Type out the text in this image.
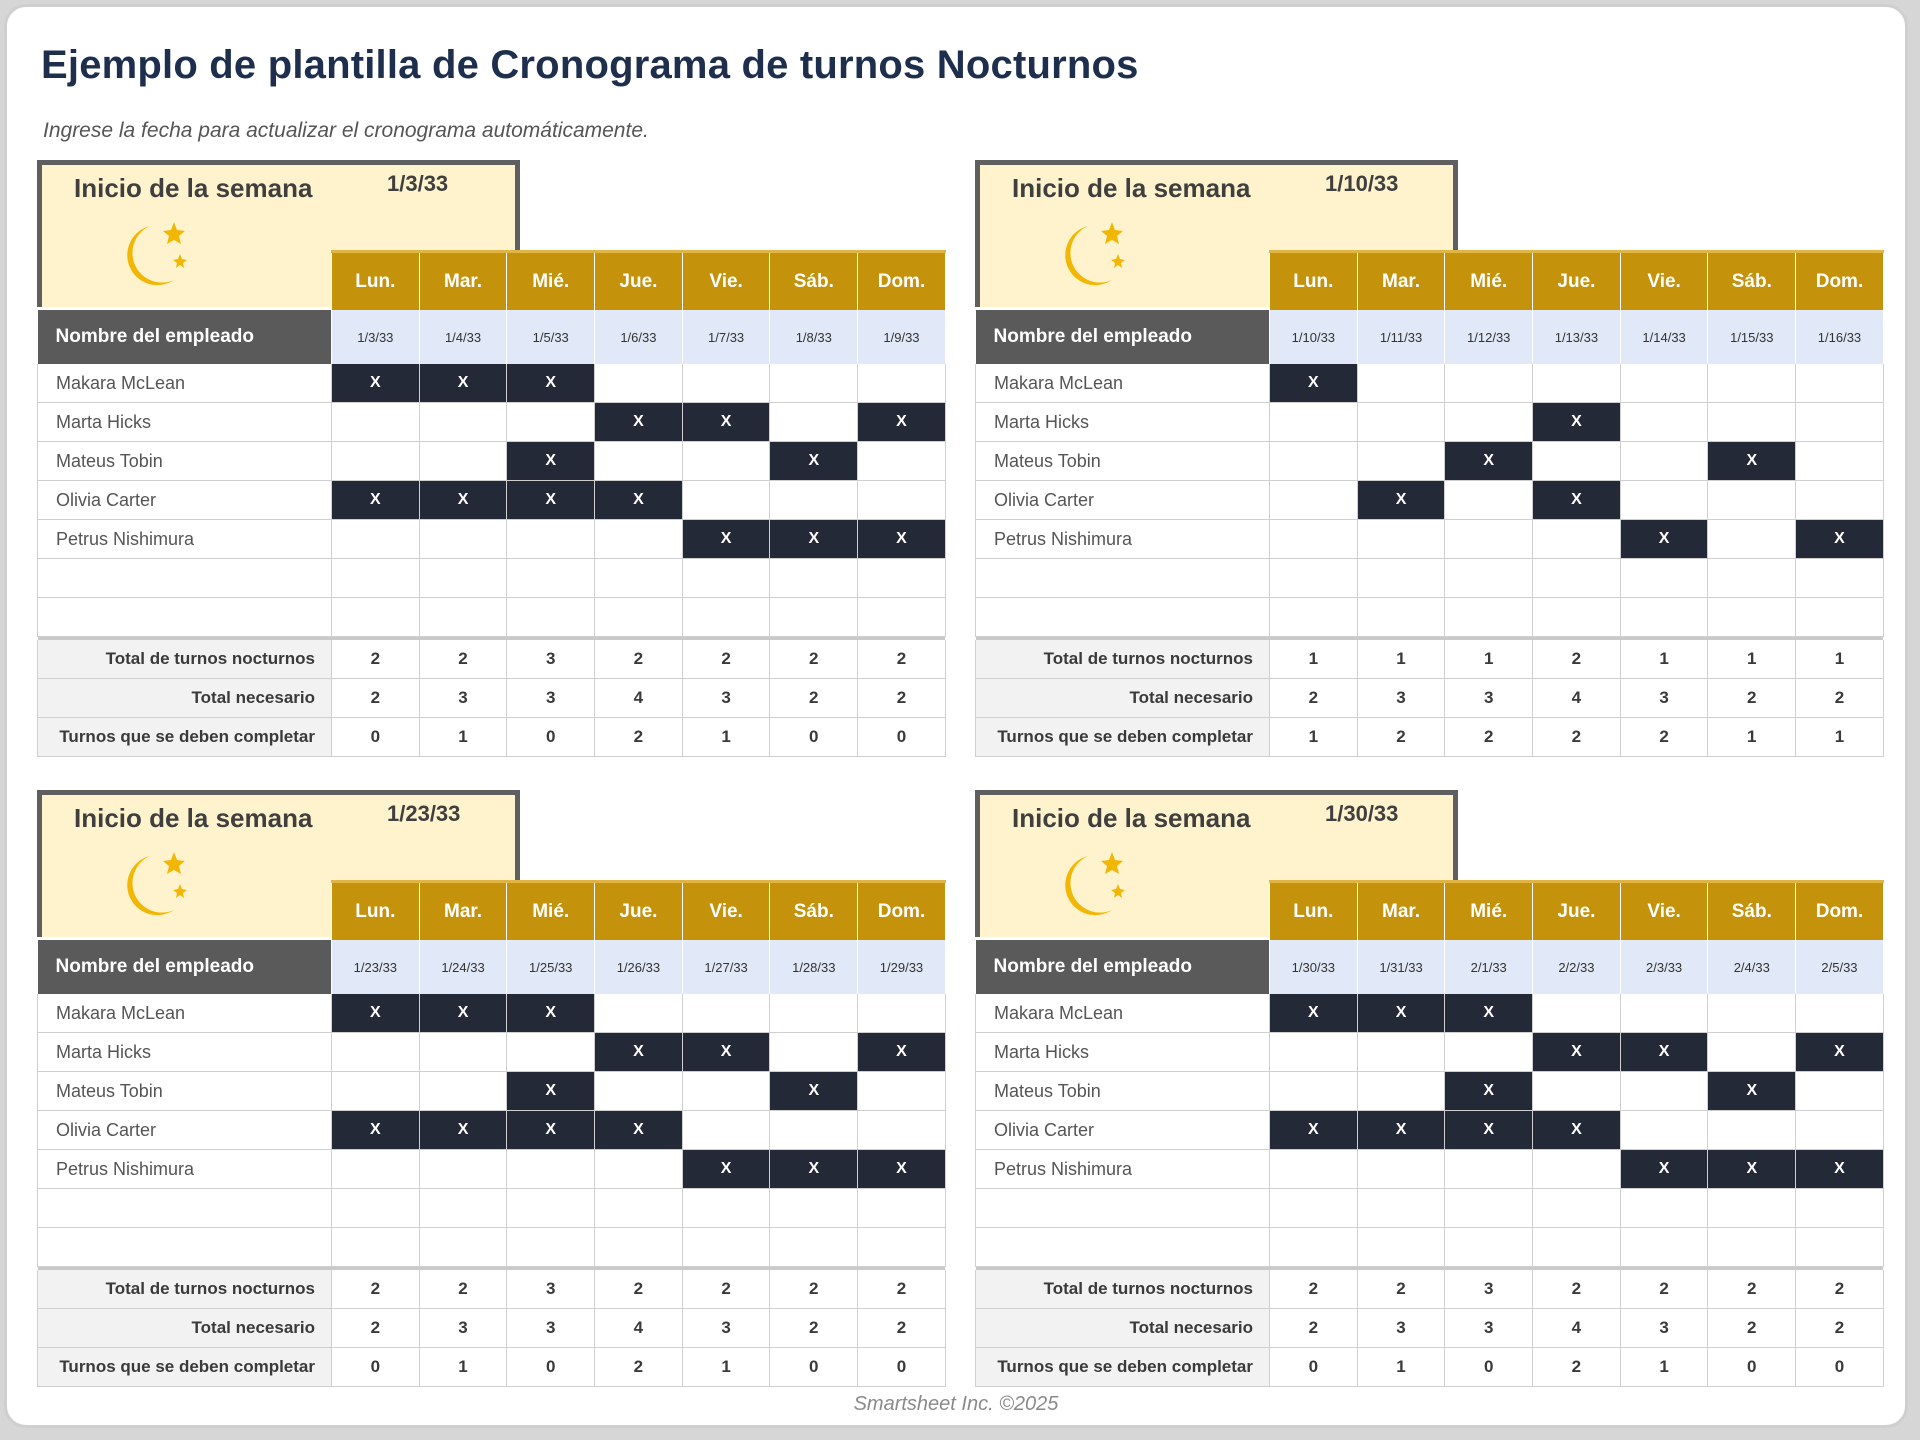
Ejemplo de plantilla de Cronograma de turnos Nocturnos

Ingrese la fecha para actualizar el cronograma automáticamente.

Inicio de la semana	1/3/33
	Lun.	Mar.	Mié.	Jue.	Vie.	Sáb.	Dom.
Nombre del empleado	1/3/33	1/4/33	1/5/33	1/6/33	1/7/33	1/8/33	1/9/33
Makara McLean	X	X	X				
Marta Hicks				X	X		X
Mateus Tobin			X			X	
Olivia Carter	X	X	X	X			
Petrus Nishimura					X	X	X

Total de turnos nocturnos	2	2	3	2	2	2	2
Total necesario	2	3	3	4	3	2	2
Turnos que se deben completar	0	1	0	2	1	0	0
Inicio de la semana	1/10/33
	Lun.	Mar.	Mié.	Jue.	Vie.	Sáb.	Dom.
Nombre del empleado	1/10/33	1/11/33	1/12/33	1/13/33	1/14/33	1/15/33	1/16/33
Makara McLean	X						
Marta Hicks				X			
Mateus Tobin			X			X	
Olivia Carter		X		X			
Petrus Nishimura					X		X

Total de turnos nocturnos	1	1	1	2	1	1	1
Total necesario	2	3	3	4	3	2	2
Turnos que se deben completar	1	2	2	2	2	1	1
Inicio de la semana	1/23/33
	Lun.	Mar.	Mié.	Jue.	Vie.	Sáb.	Dom.
Nombre del empleado	1/23/33	1/24/33	1/25/33	1/26/33	1/27/33	1/28/33	1/29/33
Makara McLean	X	X	X				
Marta Hicks				X	X		X
Mateus Tobin			X			X	
Olivia Carter	X	X	X	X			
Petrus Nishimura					X	X	X

Total de turnos nocturnos	2	2	3	2	2	2	2
Total necesario	2	3	3	4	3	2	2
Turnos que se deben completar	0	1	0	2	1	0	0
Inicio de la semana	1/30/33
	Lun.	Mar.	Mié.	Jue.	Vie.	Sáb.	Dom.
Nombre del empleado	1/30/33	1/31/33	2/1/33	2/2/33	2/3/33	2/4/33	2/5/33
Makara McLean	X	X	X				
Marta Hicks				X	X		X
Mateus Tobin			X			X	
Olivia Carter	X	X	X	X			
Petrus Nishimura					X	X	X

Total de turnos nocturnos	2	2	3	2	2	2	2
Total necesario	2	3	3	4	3	2	2
Turnos que se deben completar	0	1	0	2	1	0	0
Smartsheet Inc. ©2025
